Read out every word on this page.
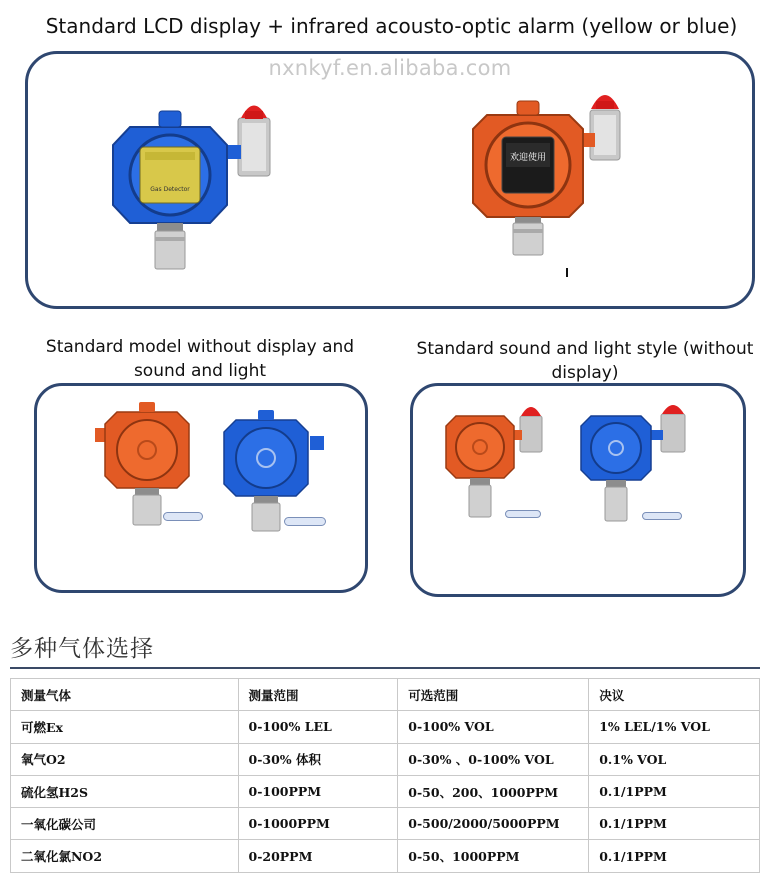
Standard LCD display + infrared acousto-optic alarm (yellow or blue)
nxnkyf.en.alibaba.com
Gas Detector
欢迎使用
Standard model without display and sound and light
Standard sound and light style (without display)
多种气体选择
测量气体	测量范围	可选范围	决议
可燃Ex	0-100% LEL	0-100% VOL	1% LEL/1% VOL
氧气O2	0-30% 体积	0-30% 、0-100% VOL	0.1% VOL
硫化氢H2S	0-100PPM	0-50、200、1000PPM	0.1/1PPM
一氧化碳公司	0-1000PPM	0-500/2000/5000PPM	0.1/1PPM
二氧化氯NO2	0-20PPM	0-50、1000PPM	0.1/1PPM
